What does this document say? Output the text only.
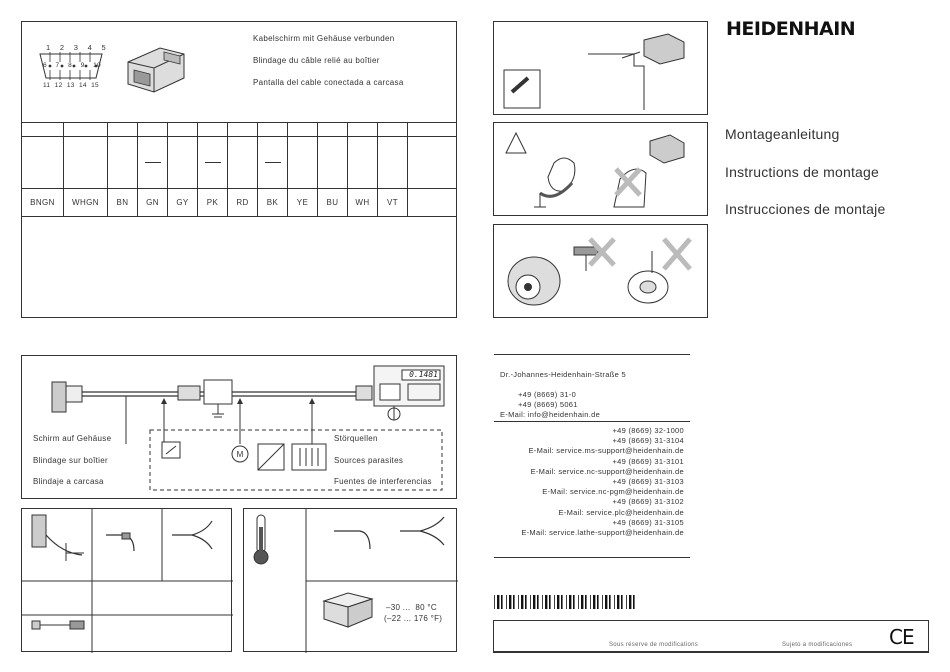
1 2 3 4 5
6 7 8 9 10
11 12 13 14 15
Kabelschirm mit Gehäuse verbunden
Blindage du câble relié au boîtier
Pantalla del cable conectada a carcasa

BNGN	WHGN	BN	GN	GY	PK	RD	BK	YE	BU	WH	VT	
M
0.1481
Schirm auf Gehäuse
Blindage sur boîtier
Blindaje a carcasa
Störquellen
Sources parasites
Fuentes de interferencias
–30 ...  80 °C
(–22 ... 176 °F)
HEIDENHAIN
Montageanleitung
Instructions de montage
Instrucciones de montaje
Dr.-Johannes-Heidenhain-Straße 5
+49 (8669) 31-0
+49 (8669) 5061
E-Mail: info@heidenhain.de
+49 (8669) 32-1000
+49 (8669) 31-3104
E-Mail: service.ms-support@heidenhain.de
+49 (8669) 31-3101
E-Mail: service.nc-support@heidenhain.de
+49 (8669) 31-3103
E-Mail: service.nc-pgm@heidenhain.de
+49 (8669) 31-3102
E-Mail: service.plc@heidenhain.de
+49 (8669) 31-3105
E-Mail: service.lathe-support@heidenhain.de
Sous réserve de modifications	Sujeto a modificaciones CE
